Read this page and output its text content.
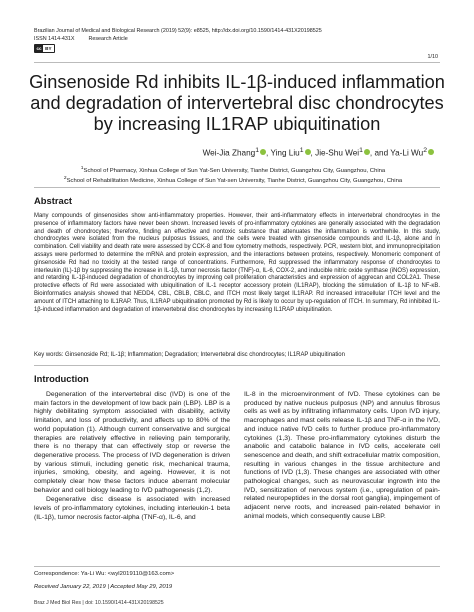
Brazilian Journal of Medical and Biological Research (2019) 52(9): e8525, http://dx.doi.org/10.1590/1414-431X20198525
ISSN 1414-431X	Research Article
cc BY
1/10
Ginsenoside Rd inhibits IL-1β-induced inflammation
and degradation of intervertebral disc chondrocytes
by increasing IL1RAP ubiquitination
Wei-Jia Zhang$^1$ , Ying Liu$^1$ , Jie-Shu Wei$^1$ , and Ya-Li Wu$^2$
$^1$School of Pharmacy, Xinhua College of Sun Yat-Sen University, Tianhe District, Guangzhou City, Guangzhou, China
$^2$School of Rehabilitation Medicine, Xinhua College of Sun Yat-sen University, Tianhe District, Guangzhou City, Guangzhou, China
Abstract
Many compounds of ginsenosides show anti-inflammatory properties. However, their anti-inflammatory effects in intervertebral chondrocytes in the presence of inflammatory factors have never been shown. Increased levels of pro-inflammatory cytokines are generally associated with the degradation and death of chondrocytes; therefore, finding an effective and nontoxic substance that attenuates the inflammation is worthwhile. In this study, chondrocytes were isolated from the nucleus pulposus tissues, and the cells were treated with ginsenoside compounds and IL-1β, alone and in combination. Cell viability and death rate were assessed by CCK-8 and flow cytometry methods, respectively. PCR, western blot, and immunoprecipitation assays were performed to determine the mRNA and protein expression, and the interactions between proteins, respectively. Monomeric component of ginsenoside Rd had no toxicity at the tested range of concentrations. Furthermore, Rd suppressed the inflammatory response of chondrocytes to interleukin (IL)-1β by suppressing the increase in IL-1β, tumor necrosis factor (TNF)-α, IL-6, COX-2, and inducible nitric oxide synthase (iNOS) expression, and retarding IL-1β-induced degradation of chondrocytes by improving cell proliferation characteristics and expression of aggrecan and COL2A1. These protective effects of Rd were associated with ubiquitination of IL-1 receptor accessory protein (IL1RAP), blocking the stimulation of IL-1β to NF-κB. Bioinformatics analysis showed that NEDD4, CBL, CBLB, CBLC, and ITCH most likely target IL1RAP. Rd increased intracellular ITCH level and the amount of ITCH attaching to IL1RAP. Thus, IL1RAP ubiquitination promoted by Rd is likely to occur by up-regulation of ITCH. In summary, Rd inhibited IL-1β-induced inflammation and degradation of intervertebral disc chondrocytes by increasing IL1RAP ubiquitination.
Key words: Ginsenoside Rd; IL-1β; Inflammation; Degradation; Intervertebral disc chondrocytes; IL1RAP ubiquitination
Introduction

Degeneration of the intervertebral disc (IVD) is one of the main factors in the development of low back pain (LBP). LBP is a highly debilitating symptom associated with disability, activity limitation, and loss of productivity, and affects up to 80% of the world population (1). Although current conservative and surgical therapies are relatively effective in relieving pain temporarily, there is no therapy that can effectively stop or reverse the degenerative process. The process of IVD degeneration is driven by various stimuli, including genetic risk, mechanical trauma, injuries, smoking, obesity, and ageing. However, it is not completely clear how these factors induce aberrant molecular behavior and cell biology leading to IVD pathogenesis (1,2).

Degenerative disc disease is associated with increased levels of pro-inflammatory cytokines, including interleukin-1 beta (IL-1β), tumor necrosis factor-alpha (TNF-α), IL-6, and

IL-8 in the microenvironment of IVD. These cytokines can be produced by native nucleus pulposus (NP) and annulus fibrosus cells as well as by infiltrating inflammatory cells. Upon IVD injury, macrophages and mast cells release IL-1β and TNF-α in the IVD, and induce native IVD cells to further produce pro-inflammatory cytokines (1,3). These pro-inflammatory cytokines disturb the anabolic and catabolic balance in IVD cells, accelerate cell senescence and death, and shift extracellular matrix composition, resulting in various changes in the tissue architecture and functions of IVD (1,3). These changes are associated with other pathological changes, such as neurovascular ingrowth into the IVD, sensitization of nervous system (i.e., upregulation of pain-related neuropeptides in the dorsal root ganglia), impingement of adjacent nerve roots, and increased pain-related behavior in animal models, which consequently cause LBP.

Correspondence: Ya-Li Wu: <wyl2019110@163.com>
Received January 22, 2019 | Accepted May 29, 2019
Braz J Med Biol Res | doi: 10.1590/1414-431X20198525
